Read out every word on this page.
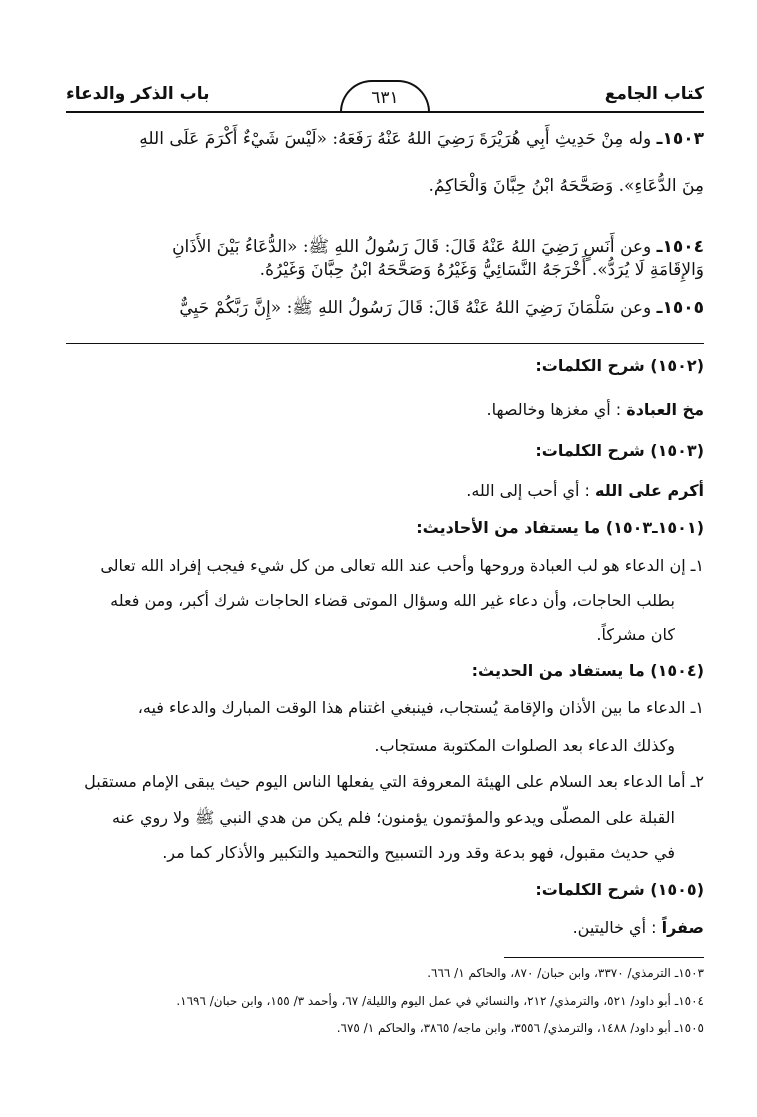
كتاب الجامع
٦٣١
باب الذكر والدعاء
١٥٠٣ـ وله مِنْ حَدِيثِ أَبِي هُرَيْرَةَ رَضِيَ اللهُ عَنْهُ رَفَعَهُ: «لَيْسَ شَيْءٌ أَكْرَمَ عَلَى اللهِ
مِنَ الدُّعَاءِ». وَصَحَّحَهُ ابْنُ حِبَّانَ وَالْحَاكِمُ.
١٥٠٤ـ وعن أَنَسٍ رَضِيَ اللهُ عَنْهُ قَالَ: قَالَ رَسُولُ اللهِ ﷺ: «الدُّعَاءُ بَيْنَ الأَذَانِ
وَالإِقَامَةِ لَا يُرَدُّ». أَخْرَجَهُ النَّسَائِيُّ وَغَيْرُهُ وَصَحَّحَهُ ابْنُ حِبَّانَ وَغَيْرُهُ.
١٥٠٥ـ وعن سَلْمَانَ رَضِيَ اللهُ عَنْهُ قَالَ: قَالَ رَسُولُ اللهِ ﷺ: «إِنَّ رَبَّكُمْ حَيِيٌّ
(١٥٠٢) شرح الكلمات:
مخ العبادة : أي مغزها وخالصها.
(١٥٠٣) شرح الكلمات:
أكرم على الله : أي أحب إلى الله.
(١٥٠١ـ١٥٠٣) ما يستفاد من الأحاديث:
١ـ إن الدعاء هو لب العبادة وروحها وأحب عند الله تعالى من كل شيء فيجب إفراد الله تعالى
بطلب الحاجات، وأن دعاء غير الله وسؤال الموتى قضاء الحاجات شرك أكبر، ومن فعله
كان مشركاً.
(١٥٠٤) ما يستفاد من الحديث:
١ـ الدعاء ما بين الأذان والإقامة يُستجاب، فينبغي اغتنام هذا الوقت المبارك والدعاء فيه،
وكذلك الدعاء بعد الصلوات المكتوبة مستجاب.
٢ـ أما الدعاء بعد السلام على الهيئة المعروفة التي يفعلها الناس اليوم حيث يبقى الإمام مستقبل
القبلة على المصلّى ويدعو والمؤتمون يؤمنون؛ فلم يكن من هدي النبي ﷺ ولا روي عنه
في حديث مقبول، فهو بدعة وقد ورد التسبيح والتحميد والتكبير والأذكار كما مر.
(١٥٠٥) شرح الكلمات:
صفراً : أي خاليتين.
١٥٠٣ـ الترمذي/ ٣٣٧٠، وابن حبان/ ٨٧٠، والحاكم ١/ ٦٦٦.
١٥٠٤ـ أبو داود/ ٥٢١، والترمذي/ ٢١٢، والنسائي في عمل اليوم والليلة/ ٦٧، وأحمد ٣/ ١٥٥، وابن حبان/ ١٦٩٦.
١٥٠٥ـ أبو داود/ ١٤٨٨، والترمذي/ ٣٥٥٦، وابن ماجه/ ٣٨٦٥، والحاكم ١/ ٦٧٥.
